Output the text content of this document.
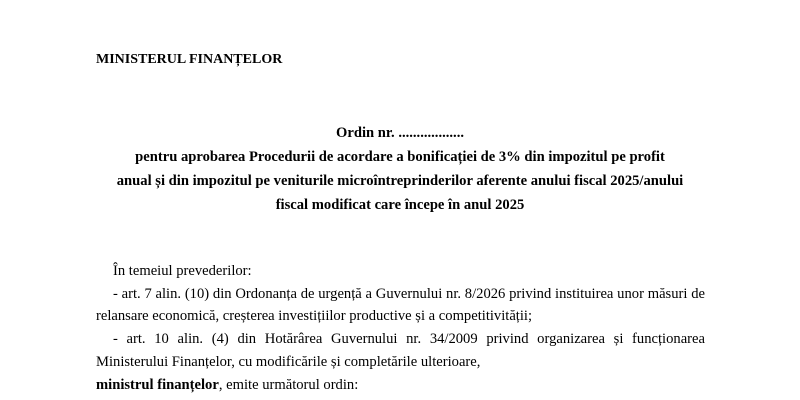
MINISTERUL FINANȚELOR
Ordin nr. ..................
pentru aprobarea Procedurii de acordare a bonificației de 3% din impozitul pe profit
anual și din impozitul pe veniturile microîntreprinderilor aferente anului fiscal 2025/anului
fiscal modificat care începe în anul 2025

În temeiul prevederilor:

- art. 7 alin. (10) din Ordonanța de urgență a Guvernului nr. 8/2026 privind instituirea unor măsuri de relansare economică, creșterea investițiilor productive și a competitivității;

- art. 10 alin. (4) din Hotărârea Guvernului nr. 34/2009 privind organizarea și funcționarea Ministerului Finanțelor, cu modificările și completările ulterioare,

ministrul finanțelor, emite următorul ordin:
